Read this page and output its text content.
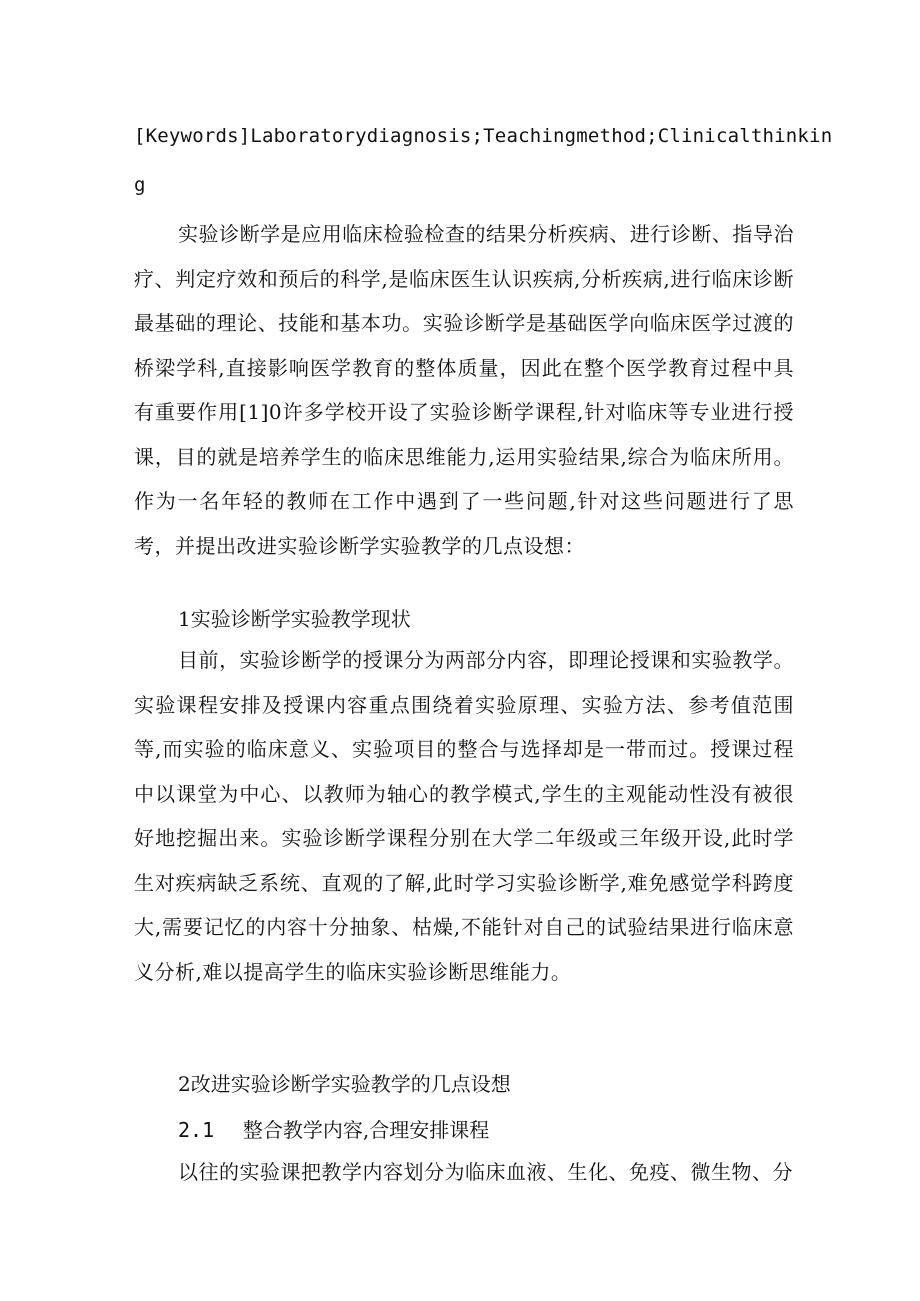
[Keywords]Laboratorydiagnosis;Teachingmethod;Clinicalthinkin
g
实验诊断学是应用临床检验检查的结果分析疾病、进行诊断、指导治疗、判定疗效和预后的科学,是临床医生认识疾病,分析疾病,进行临床诊断最基础的理论、技能和基本功。实验诊断学是基础医学向临床医学过渡的桥梁学科,直接影响医学教育的整体质量，因此在整个医学教育过程中具有重要作用[1]0许多学校开设了实验诊断学课程,针对临床等专业进行授课，目的就是培养学生的临床思维能力,运用实验结果,综合为临床所用。作为一名年轻的教师在工作中遇到了一些问题,针对这些问题进行了思考，并提出改进实验诊断学实验教学的几点设想：
1实验诊断学实验教学现状
目前，实验诊断学的授课分为两部分内容，即理论授课和实验教学。实验课程安排及授课内容重点围绕着实验原理、实验方法、参考值范围等,而实验的临床意义、实验项目的整合与选择却是一带而过。授课过程中以课堂为中心、以教师为轴心的教学模式,学生的主观能动性没有被很好地挖掘出来。实验诊断学课程分别在大学二年级或三年级开设,此时学生对疾病缺乏系统、直观的了解,此时学习实验诊断学,难免感觉学科跨度大,需要记忆的内容十分抽象、枯燥,不能针对自己的试验结果进行临床意义分析,难以提高学生的临床实验诊断思维能力。
2改进实验诊断学实验教学的几点设想
2.1 整合教学内容,合理安排课程
以往的实验课把教学内容划分为临床血液、生化、免疫、微生物、分
